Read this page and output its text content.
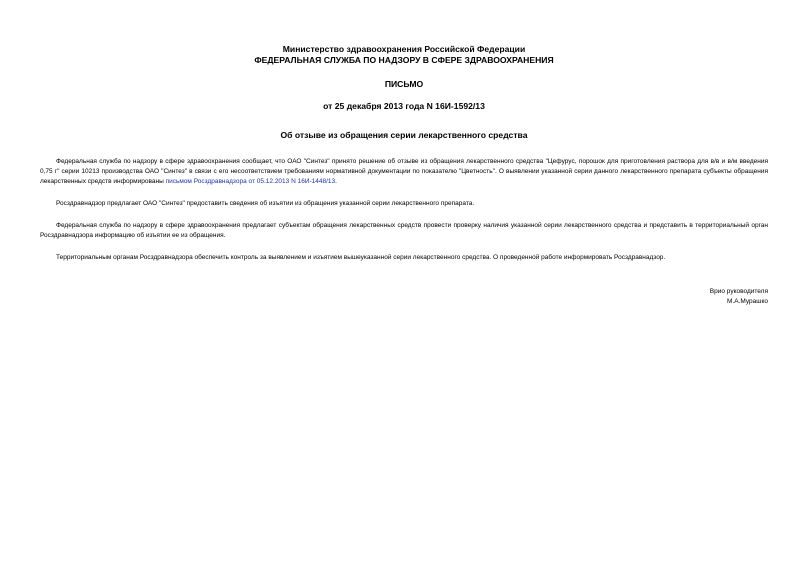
Министерство здравоохранения Российской Федерации
ФЕДЕРАЛЬНАЯ СЛУЖБА ПО НАДЗОРУ В СФЕРЕ ЗДРАВООХРАНЕНИЯ
ПИСЬМО
от 25 декабря 2013 года N 16И-1592/13
Об отзыве из обращения серии лекарственного средства

Федеральная служба по надзору в сфере здравоохранения сообщает, что ОАО "Синтез" принято решение об отзыве из обращения лекарственного средства "Цефурус, порошок для приготовления раствора для в/в и в/м введения 0,75 г" серии 10213 производства ОАО "Синтез" в связи с его несоответствием требованиям нормативной документации по показателю "Цветность". О выявлении указанной серии данного лекарственного препарата субъекты обращения лекарственных средств информированы письмом Росздравнадзора от 05.12.2013 N 16И-1448/13.

Росздравнадзор предлагает ОАО "Синтез" предоставить сведения об изъятии из обращения указанной серии лекарственного препарата.

Федеральная служба по надзору в сфере здравоохранения предлагает субъектам обращения лекарственных средств провести проверку наличия указанной серии лекарственного средства и представить в территориальный орган Росздравнадзора информацию об изъятии ее из обращения.

Территориальным органам Росздравнадзора обеспечить контроль за выявлением и изъятием вышеуказанной серии лекарственного средства. О проведенной работе информировать Росздравнадзор.

Врио руководителя
М.А.Мурашко
